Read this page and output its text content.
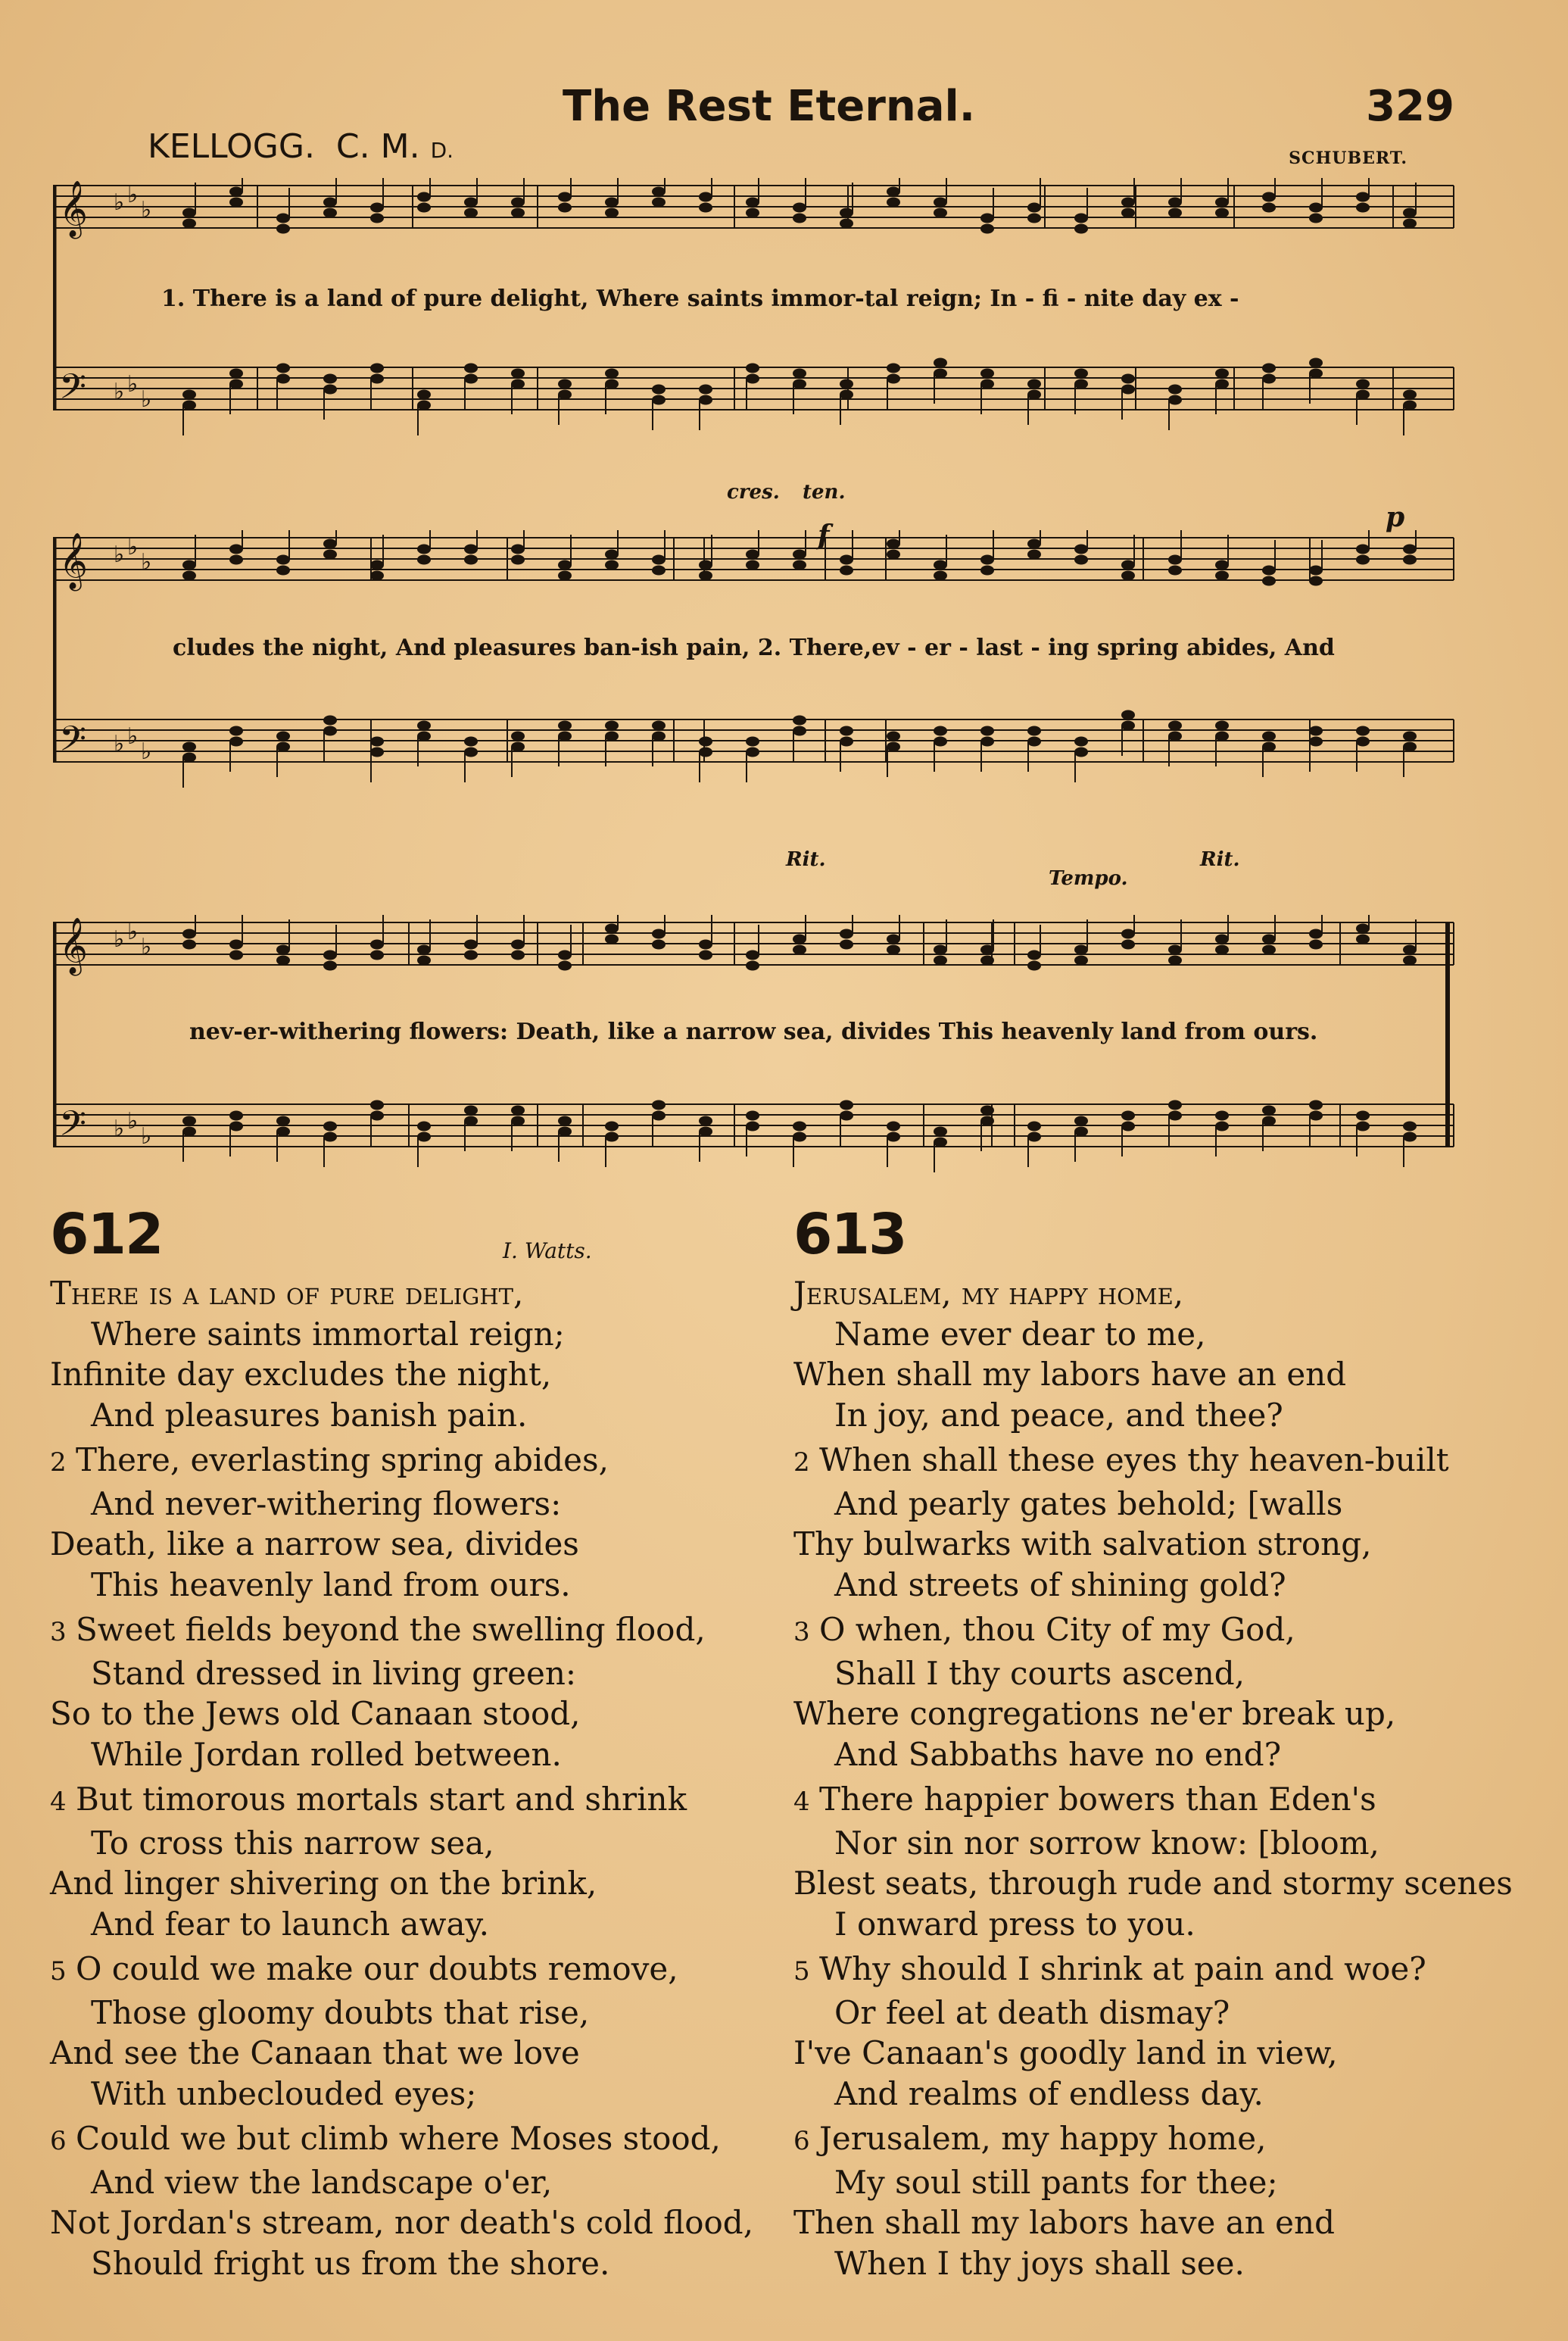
The Rest Eternal.	329
KELLOGG. C. M. D.	SCHUBERT.
𝄞
𝄢
♭
♭
♭
♭
♭
♭
1. There is a land of pure delight, Where saints immor-tal reign; In - fi - nite day ex -
𝄞
𝄢
♭
♭
♭
♭
♭
♭
cres. ten.
f
p
cludes the night, And pleasures ban-ish pain, 2. There,ev - er - last - ing spring abides, And
𝄞
𝄢
♭
♭
♭
♭
♭
♭
Rit.
Tempo.
Rit.
nev-er-withering flowers: Death, like a narrow sea, divides This heavenly land from ours.
612	I. Watts.
There is a land of pure delight,
Where saints immortal reign;
Infinite day excludes the night,
And pleasures banish pain.
2 There, everlasting spring abides,
And never-withering flowers:
Death, like a narrow sea, divides
This heavenly land from ours.
3 Sweet fields beyond the swelling flood,
Stand dressed in living green:
So to the Jews old Canaan stood,
While Jordan rolled between.
4 But timorous mortals start and shrink
To cross this narrow sea,
And linger shivering on the brink,
And fear to launch away.
5 O could we make our doubts remove,
Those gloomy doubts that rise,
And see the Canaan that we love
With unbeclouded eyes;
6 Could we but climb where Moses stood,
And view the landscape o'er,
Not Jordan's stream, nor death's cold flood,
Should fright us from the shore.
613
Jerusalem, my happy home,
Name ever dear to me,
When shall my labors have an end
In joy, and peace, and thee?
2 When shall these eyes thy heaven-built
And pearly gates behold; [walls
Thy bulwarks with salvation strong,
And streets of shining gold?
3 O when, thou City of my God,
Shall I thy courts ascend,
Where congregations ne'er break up,
And Sabbaths have no end?
4 There happier bowers than Eden's
Nor sin nor sorrow know: [bloom,
Blest seats, through rude and stormy scenes
I onward press to you.
5 Why should I shrink at pain and woe?
Or feel at death dismay?
I've Canaan's goodly land in view,
And realms of endless day.
6 Jerusalem, my happy home,
My soul still pants for thee;
Then shall my labors have an end
When I thy joys shall see.
